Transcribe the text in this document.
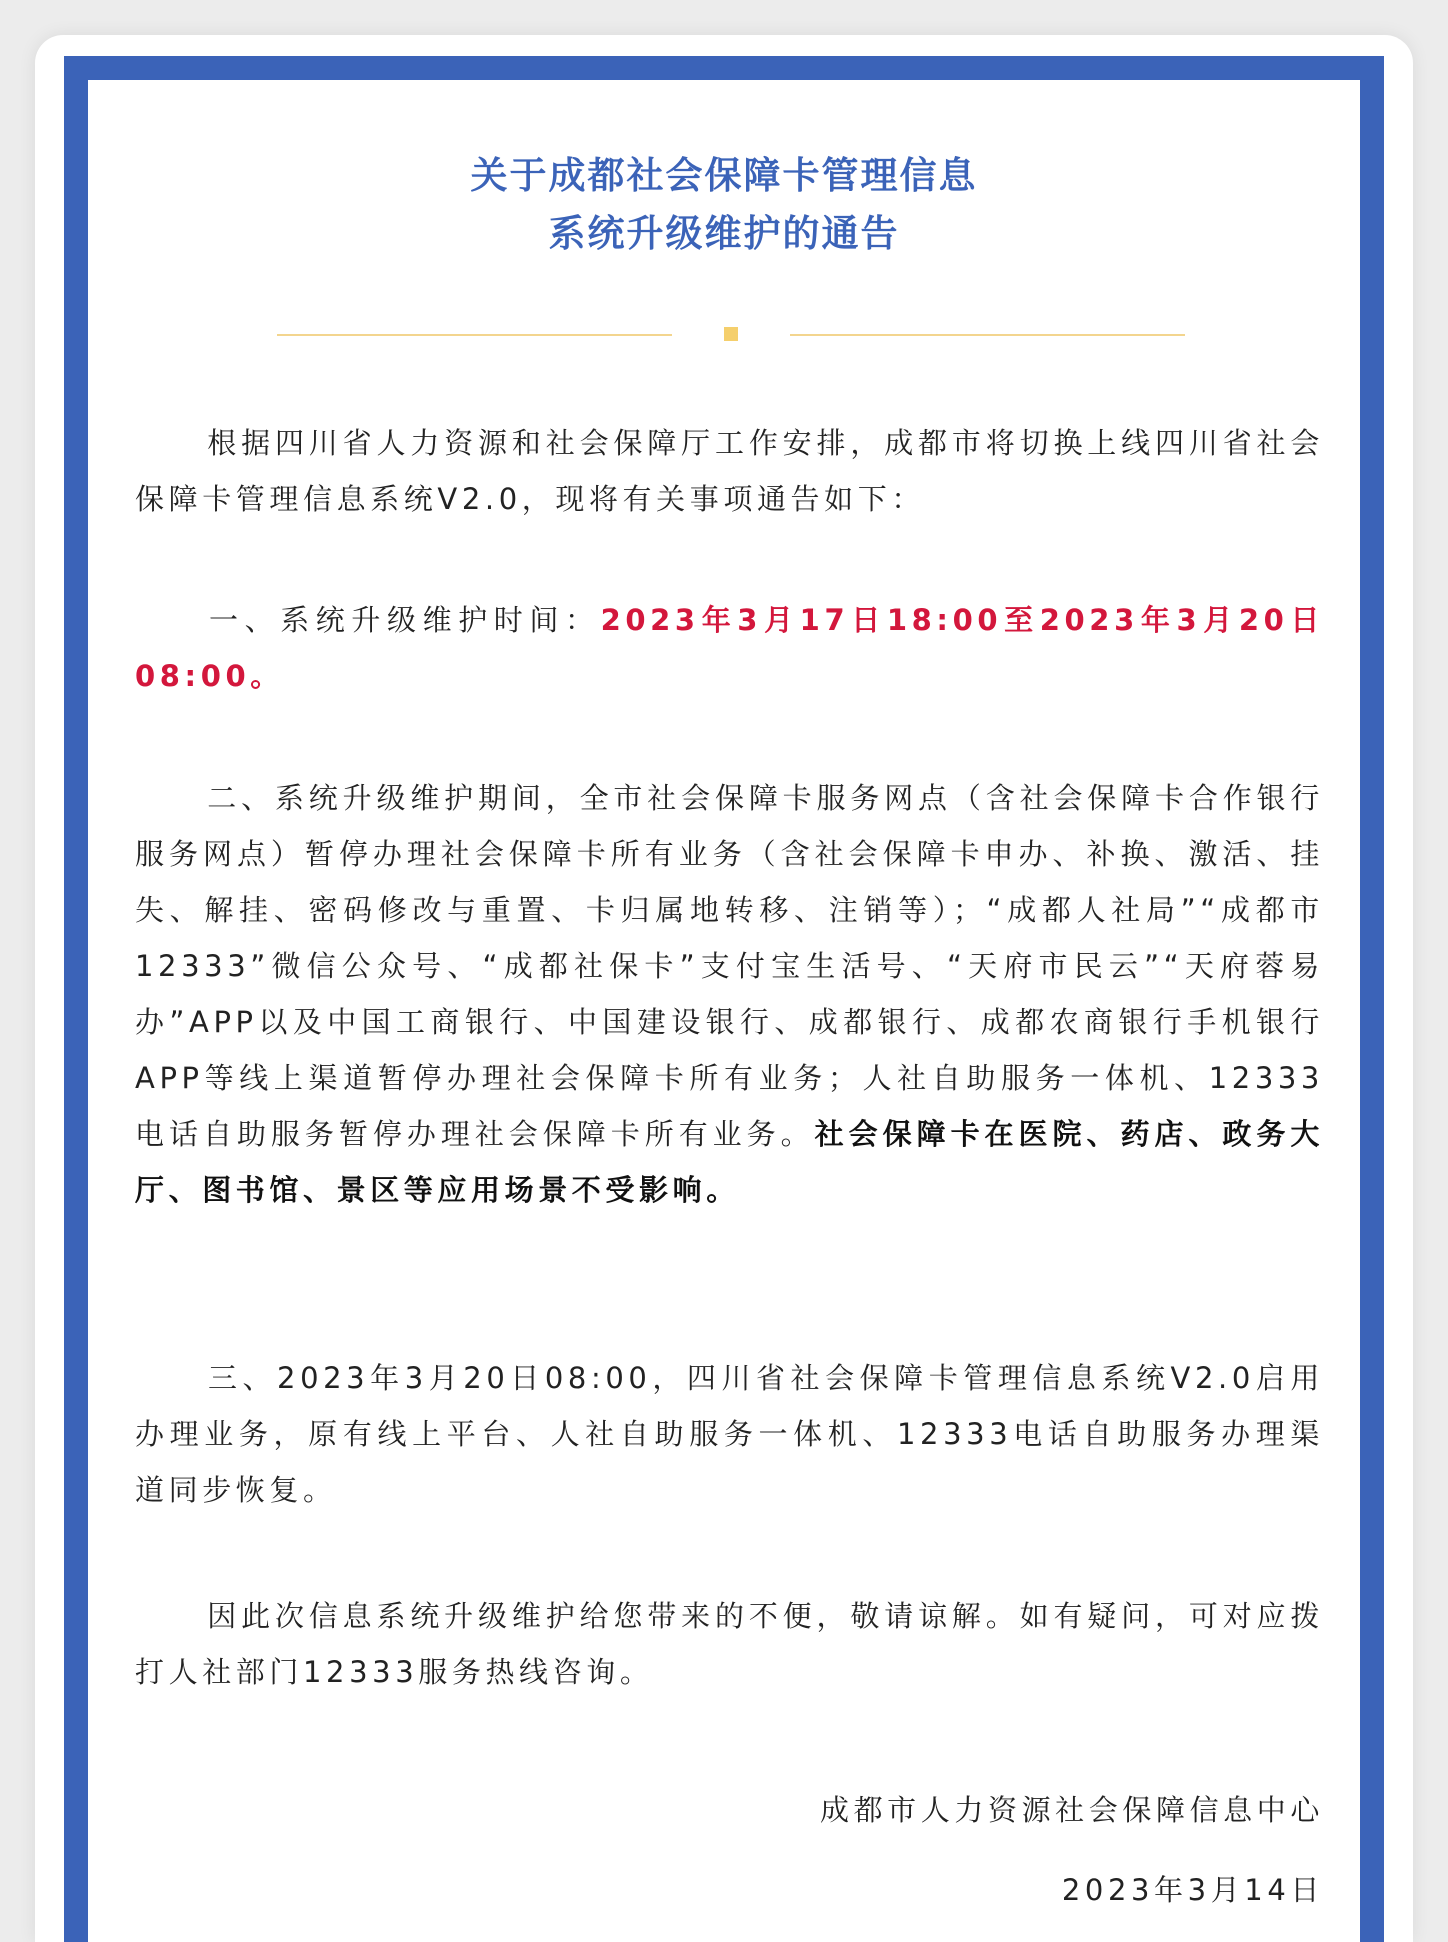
关于成都社会保障卡管理信息
系统升级维护的通告
根据四川省人力资源和社会保障厅工作安排，成都市将切换上线四川省社会保障卡管理信息系统V2.0，现将有关事项通告如下：
一、系统升级维护时间：2023年3月17日18:00至2023年3月20日08:00。
二、系统升级维护期间，全市社会保障卡服务网点（含社会保障卡合作银行服务网点）暂停办理社会保障卡所有业务（含社会保障卡申办、补换、激活、挂失、解挂、密码修改与重置、卡归属地转移、注销等）；“成都人社局”“成都市12333”微信公众号、“成都社保卡”支付宝生活号、“天府市民云”“天府蓉易办”APP以及中国工商银行、中国建设银行、成都银行、成都农商银行手机银行APP等线上渠道暂停办理社会保障卡所有业务；人社自助服务一体机、12333电话自助服务暂停办理社会保障卡所有业务。社会保障卡在医院、药店、政务大厅、图书馆、景区等应用场景不受影响。
三、2023年3月20日08:00，四川省社会保障卡管理信息系统V2.0启用办理业务，原有线上平台、人社自助服务一体机、12333电话自助服务办理渠道同步恢复。
因此次信息系统升级维护给您带来的不便，敬请谅解。如有疑问，可对应拨打人社部门12333服务热线咨询。
成都市人力资源社会保障信息中心
2023年3月14日
